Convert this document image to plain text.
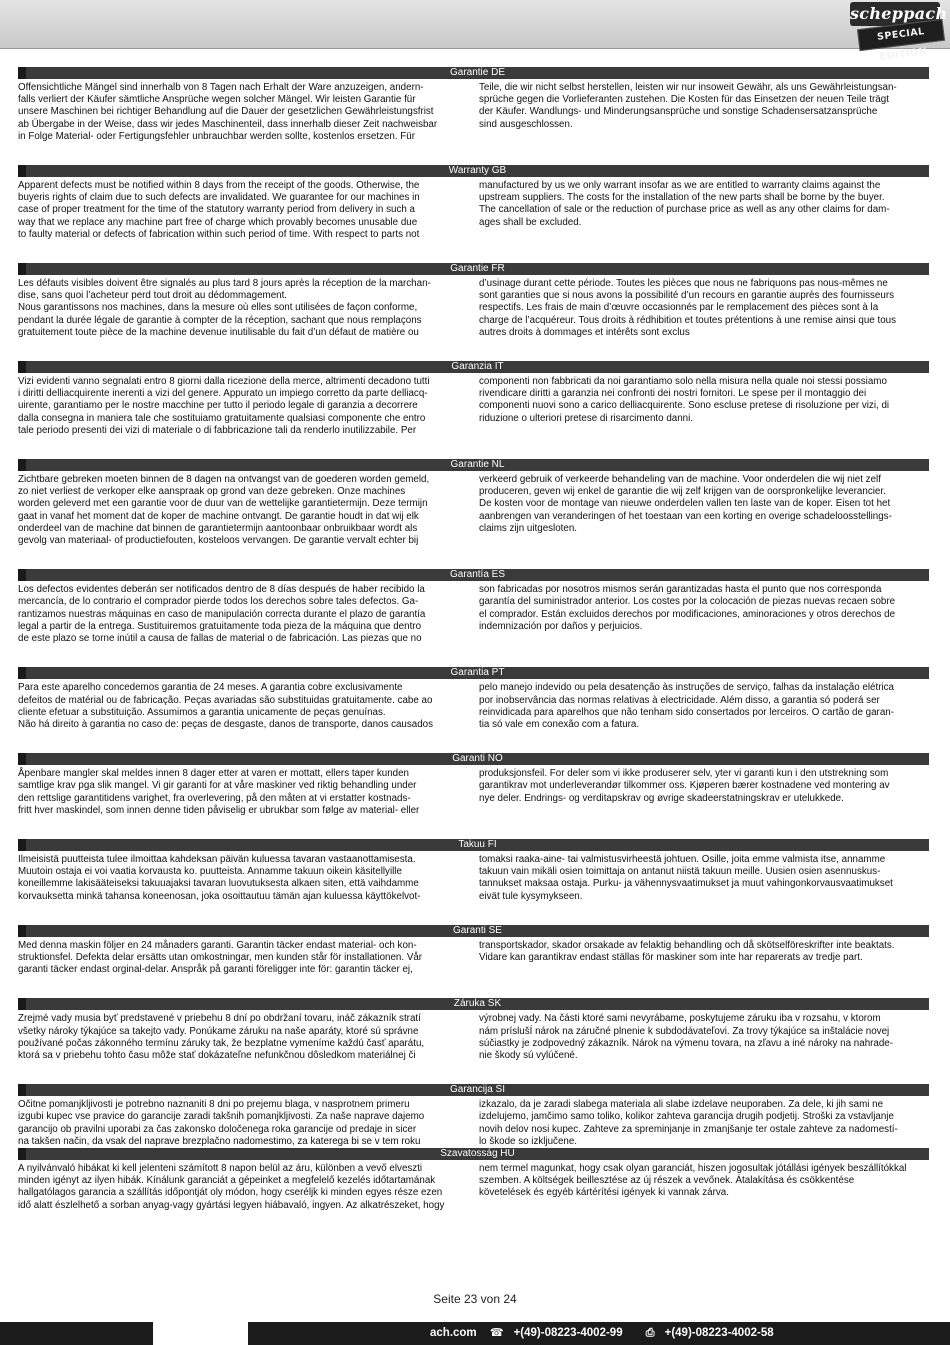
scheppach
SPECIAL EDITION
Garantie DE
Offensichtliche Mängel sind innerhalb von 8 Tagen nach Erhalt der Ware anzuzeigen, andern-
falls verliert der Käufer sämtliche Ansprüche wegen solcher Mängel. Wir leisten Garantie für
unsere Maschinen bei richtiger Behandlung auf die Dauer der gesetzlichen Gewährleistungsfrist
ab Übergabe in der Weise, dass wir jedes Maschinenteil, dass innerhalb dieser Zeit nachweisbar
in Folge Material- oder Fertigungsfehler unbrauchbar werden sollte, kostenlos ersetzen. Für
Teile, die wir nicht selbst herstellen, leisten wir nur insoweit Gewähr, als uns Gewährleistungsan-
sprüche gegen die Vorlieferanten zustehen. Die Kosten für das Einsetzen der neuen Teile trägt
der Käufer. Wandlungs- und Minderungsansprüche und sonstige Schadensersatzansprüche
sind ausgeschlossen.
Warranty GB
Apparent defects must be notified within 8 days from the receipt of the goods. Otherwise, the
buyeris rights of claim due to such defects are invalidated. We guarantee for our machines in
case of proper treatment for the time of the statutory warranty period from delivery in such a
way that we replace any machine part free of charge which provably becomes unusable due
to faulty material or defects of fabrication within such period of time. With respect to parts not
manufactured by us we only warrant insofar as we are entitled to warranty claims against the
upstream suppliers. The costs for the installation of the new parts shall be borne by the buyer.
The cancellation of sale or the reduction of purchase price as well as any other claims for dam-
ages shall be excluded.
Garantie FR
Les défauts visibles doivent être signalés au plus tard 8 jours après la réception de la marchan-
dise, sans quoi l’acheteur perd tout droit au dédommagement.
Nous garantissons nos machines, dans la mesure où elles sont utilisées de façon conforme,
pendant la durée légale de garantie à compter de la réception, sachant que nous remplaçons
gratuitement toute pièce de la machine devenue inutilisable du fait d’un défaut de matière ou
d’usinage durant cette période. Toutes les pièces que nous ne fabriquons pas nous-mêmes ne
sont garanties que si nous avons la possibilité d’un recours en garantie auprès des fournisseurs
respectifs. Les frais de main d’œuvre occasionnés par le remplacement des pièces sont à la
charge de l’acquéreur. Tous droits à rédhibition et toutes prétentions à une remise ainsi que tous
autres droits à dommages et intérêts sont exclus
Garanzia IT
Vizi evidenti vanno segnalati entro 8 giorni dalla ricezione della merce, altrimenti decadono tutti
i diritti delliacquirente inerenti a vizi del genere. Appurato un impiego corretto da parte delliacq-
uirente, garantiamo per le nostre macchine per tutto il periodo legale di garanzia a decorrere
dalla consegna in maniera tale che sostituiamo gratuitamente qualsiasi componente che entro
tale periodo presenti dei vizi di materiale o di fabbricazione tali da renderlo inutilizzabile. Per
componenti non fabbricati da noi garantiamo solo nella misura nella quale noi stessi possiamo
rivendicare diritti a garanzia nei confronti dei nostri fornitori. Le spese per il montaggio dei
componenti nuovi sono a carico delliacquirente. Sono escluse pretese di risoluzione per vizi, di
riduzione o ulteriori pretese di risarcimento danni.
Garantie NL
Zichtbare gebreken moeten binnen de 8 dagen na ontvangst van de goederen worden gemeld,
zo niet verliest de verkoper elke aanspraak op grond van deze gebreken. Onze machines
worden geleverd met een garantie voor de duur van de wettelijke garantietermijn. Deze termijn
gaat in vanaf het moment dat de koper de machine ontvangt. De garantie houdt in dat wij elk
onderdeel van de machine dat binnen de garantietermijn aantoonbaar onbruikbaar wordt als
gevolg van materiaal- of productiefouten, kosteloos vervangen. De garantie vervalt echter bij
verkeerd gebruik of verkeerde behandeling van de machine. Voor onderdelen die wij niet zelf
produceren, geven wij enkel de garantie die wij zelf krijgen van de oorspronkelijke leverancier.
De kosten voor de montage van nieuwe onderdelen vallen ten laste van de koper. Eisen tot het
aanbrengen van veranderingen of het toestaan van een korting en overige schadeloosstellings-
claims zijn uitgesloten.
Garantía ES
Los defectos evidentes deberán ser notificados dentro de 8 días después de haber recibido la
mercancía, de lo contrario el comprador pierde todos los derechos sobre tales defectos. Ga-
rantizamos nuestras máquinas en caso de manipulación correcta durante el plazo de garantía
legal a partir de la entrega. Sustituiremos gratuitamente toda pieza de la máquina que dentro
de este plazo se torne inútil a causa de fallas de material o de fabricación. Las piezas que no
son fabricadas por nosotros mismos serán garantizadas hasta el punto que nos corresponda
garantía del suministrador anterior. Los costes por la colocación de piezas nuevas recaen sobre
el comprador. Están excluidos derechos por modificaciones, aminoraciones y otros derechos de
indemnización por daños y perjuicios.
Garantia PT
Para este aparelho concedemos garantia de 24 meses. A garantia cobre exclusivamente
defeitos de matérial ou de fabricação. Peças avariadas são substituidas gratuitamente. cabe ao
cliente efetuar a substituição. Assumimos a garantia unicamente de peças genuínas.
Não há direito à garantia no caso de: peças de desgaste, danos de transporte, danos causados
pelo manejo indevido ou pela desatenção às instruções de serviço, falhas da instalação elétrica
por inobservância das normas relativas à electricidade. Além disso, a garantia só poderá ser
reinvidicada para aparelhos que não tenham sido consertados por lerceiros. O cartão de garan-
tia só vale em conexão com a fatura.
Garanti NO
Åpenbare mangler skal meldes innen 8 dager etter at varen er mottatt, ellers taper kunden
samtlige krav pga slik mangel. Vi gir garanti for at våre maskiner ved riktig behandling under
den rettslige garantitidens varighet, fra overlevering, på den måten at vi erstatter kostnads-
fritt hver maskindel, som innen denne tiden påviselig er ubrukbar som følge av material- eller
produksjonsfeil. For deler som vi ikke produserer selv, yter vi garanti kun i den utstrekning som
garantikrav mot underleverandør tilkommer oss. Kjøperen bærer kostnadene ved montering av
nye deler. Endrings- og verditapskrav og øvrige skadeerstatningskrav er utelukkede.
Takuu FI
Ilmeisistä puutteista tulee ilmoittaa kahdeksan päivän kuluessa tavaran vastaanottamisesta.
Muutoin ostaja ei voi vaatia korvausta ko. puutteista. Annamme takuun oikein käsitellyille
koneillemme lakisääteiseksi takuuajaksi tavaran luovutuksesta alkaen siten, että vaihdamme
korvauksetta minkä tahansa koneenosan, joka osoittautuu tämän ajan kuluessa käyttökelvot-
tomaksi raaka-aine- tai valmistusvirheestä johtuen. Osille, joita emme valmista itse, annamme
takuun vain mikäli osien toimittaja on antanut niistä takuun meille. Uusien osien asennuskus-
tannukset maksaa ostaja. Purku- ja vähennysvaatimukset ja muut vahingonkorvausvaatimukset
eivät tule kysymykseen.
Garanti SE
Med denna maskin följer en 24 månaders garanti. Garantin täcker endast material- och kon-
struktionsfel. Defekta delar ersätts utan omkostningar, men kunden står för installationen. Vår
garanti täcker endast orginal-delar. Anspråk på garanti föreligger inte för: garantin täcker ej,
transportskador, skador orsakade av felaktig behandling och då skötselföreskrifter inte beaktats.
Vidare kan garantikrav endast ställas för maskiner som inte har reparerats av tredje part.
Záruka SK
Zrejmé vady musia byť predstavené v priebehu 8 dní po obdržaní tovaru, ináč zákazník stratí
všetky nároky týkajúce sa takejto vady. Ponúkame záruku na naše aparáty, ktoré sú správne
používané počas zákonného termínu záruky tak, že bezplatne vymeníme každú časť aparátu,
ktorá sa v priebehu tohto času môže stať dokázateľne nefunkčnou dôsledkom materiálnej či
výrobnej vady. Na části ktoré sami nevyrábame, poskytujeme záruku iba v rozsahu, v ktorom
nám príslušÍ nárok na záručné plnenie k subdodávateľovi. Za trovy týkajúce sa inštalácie novej
súčiastky je zodpovedný zákazník. Nárok na výmenu tovara, na zľavu a iné nároky na nahrade-
nie škody sú vylúčené.
Garancija SI
Očitne pomanjkljivosti je potrebno naznaniti 8 dni po prejemu blaga, v nasprotnem primeru
izgubi kupec vse pravice do garancije zaradi takšnih pomanjkljivosti. Za naše naprave dajemo
garancijo ob pravilni uporabi za čas zakonsko določenega roka garancije od predaje in sicer
na takšen način, da vsak del naprave brezplačno nadomestimo, za katerega bi se v tem roku
izkazalo, da je zaradi slabega materiala ali slabe izdelave neuporaben. Za dele, ki jih sami ne
izdelujemo, jamčimo samo toliko, kolikor zahteva garancija drugih podjetij. Stroški za vstavljanje
novih delov nosi kupec. Zahteve za spreminjanje in zmanjšanje ter ostale zahteve za nadomestí-
lo škode so izključene.
Szavatosság HU
A nyilvánvaló hibákat ki kell jelenteni számított 8 napon belül az áru, különben a vevő elveszti
minden igényt az ilyen hibák. Kínálunk garanciát a gépeinket a megfelelő kezelés időtartamának
hallgatólagos garancia a szállítás időpontját oly módon, hogy cseréljk ki minden egyes része ezen
idő alatt észlelhető a sorban anyag-vagy gyártási legyen hiábavaló, ingyen. Az alkatrészeket, hogy
nem termel magunkat, hogy csak olyan garanciát, hiszen jogosultak jótállási igények beszállítókkal
szemben. A költségek beillesztése az új részek a vevőnek. Átalakítása és csökkentése
követelések és egyéb kártérítési igények ki vannak zárva.
Seite 23 von 24
ach.com ☎ +(49)-08223-4002-99 ⎙ +(49)-08223-4002-58
